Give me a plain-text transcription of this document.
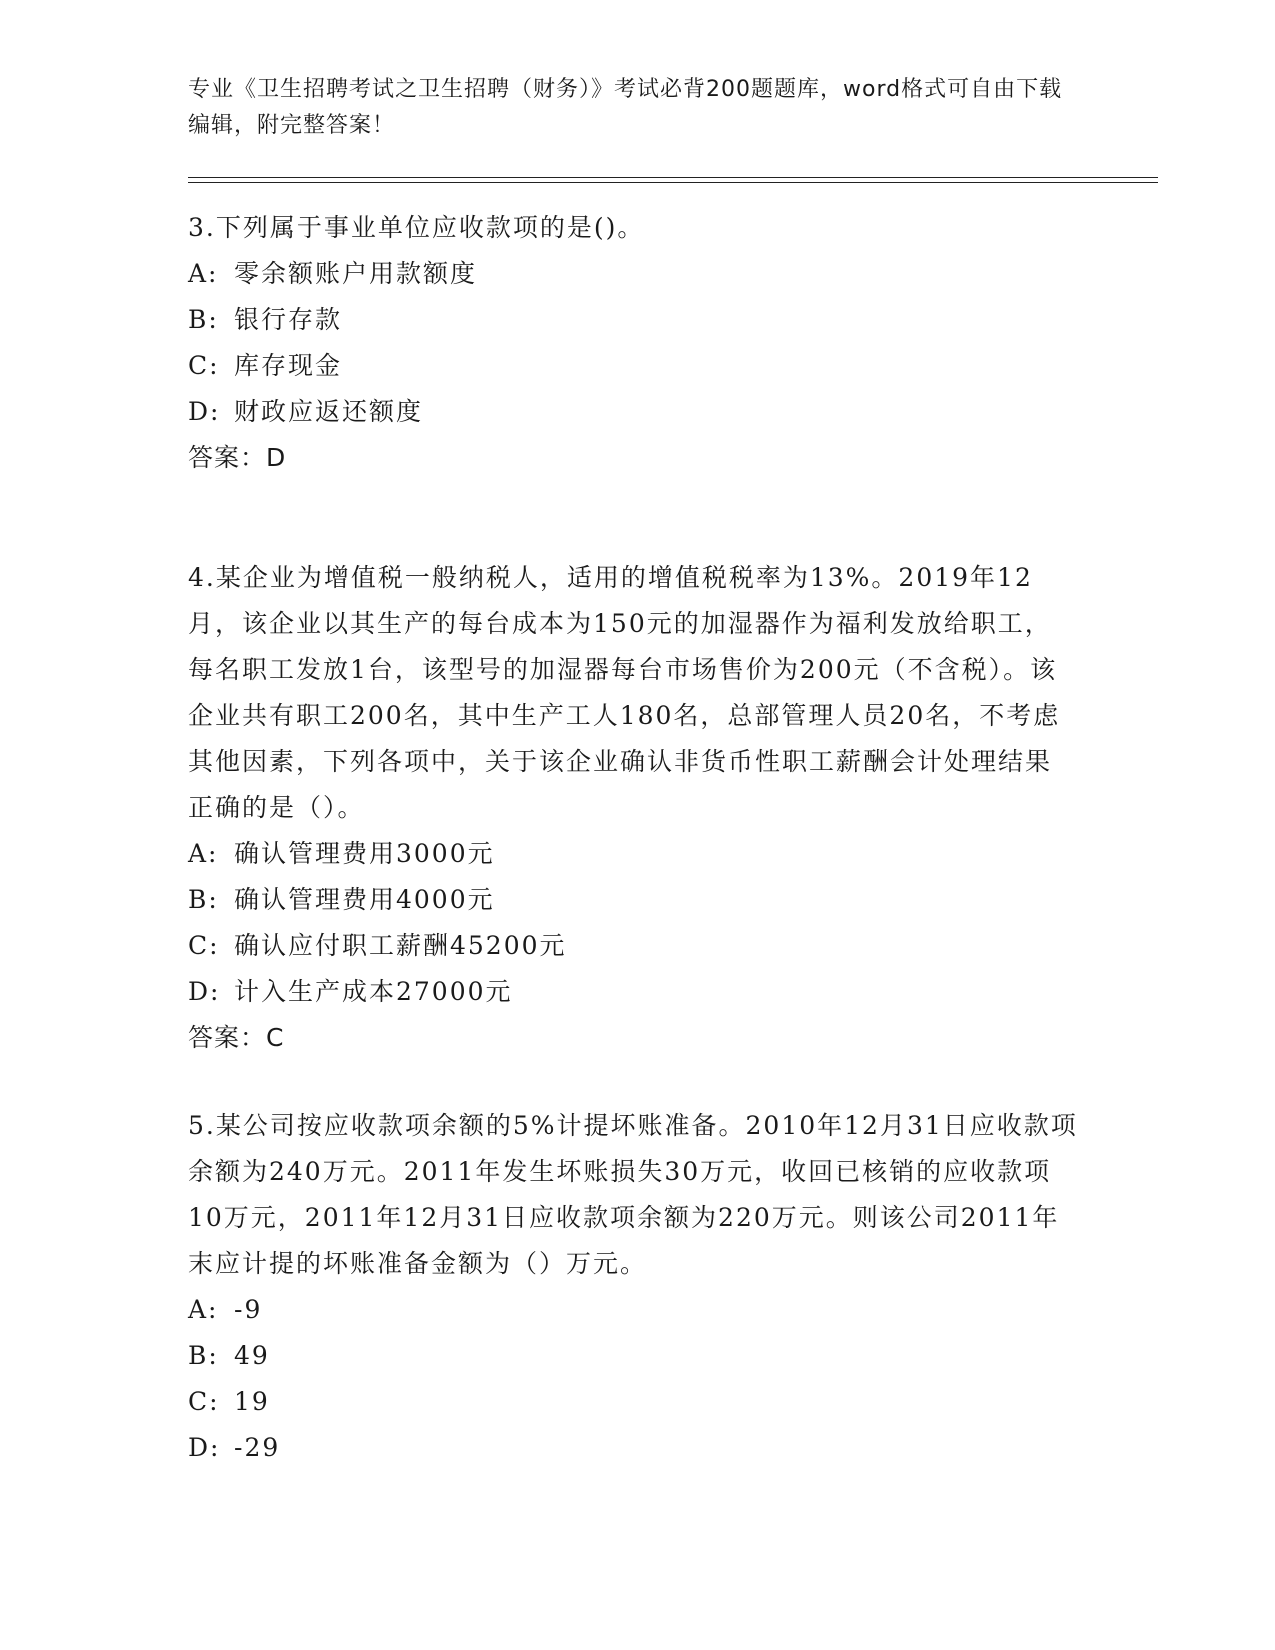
专业《卫生招聘考试之卫生招聘（财务）》考试必背200题题库，word格式可自由下载编辑，附完整答案！

3.下列属于事业单位应收款项的是()。

A: 零余额账户用款额度

B: 银行存款

C: 库存现金

D: 财政应返还额度

答案：D

4.某企业为增值税一般纳税人，适用的增值税税率为13%。2019年12月，该企业以其生产的每台成本为150元的加湿器作为福利发放给职工，每名职工发放1台，该型号的加湿器每台市场售价为200元（不含税）。该企业共有职工200名，其中生产工人180名，总部管理人员20名，不考虑其他因素，下列各项中，关于该企业确认非货币性职工薪酬会计处理结果正确的是（）。

A: 确认管理费用3000元

B: 确认管理费用4000元

C: 确认应付职工薪酬45200元

D: 计入生产成本27000元

答案：C

5.某公司按应收款项余额的5%计提坏账准备。2010年12月31日应收款项余额为240万元。2011年发生坏账损失30万元，收回已核销的应收款项10万元，2011年12月31日应收款项余额为220万元。则该公司2011年末应计提的坏账准备金额为（）万元。

A: -9

B: 49

C: 19

D: -29
